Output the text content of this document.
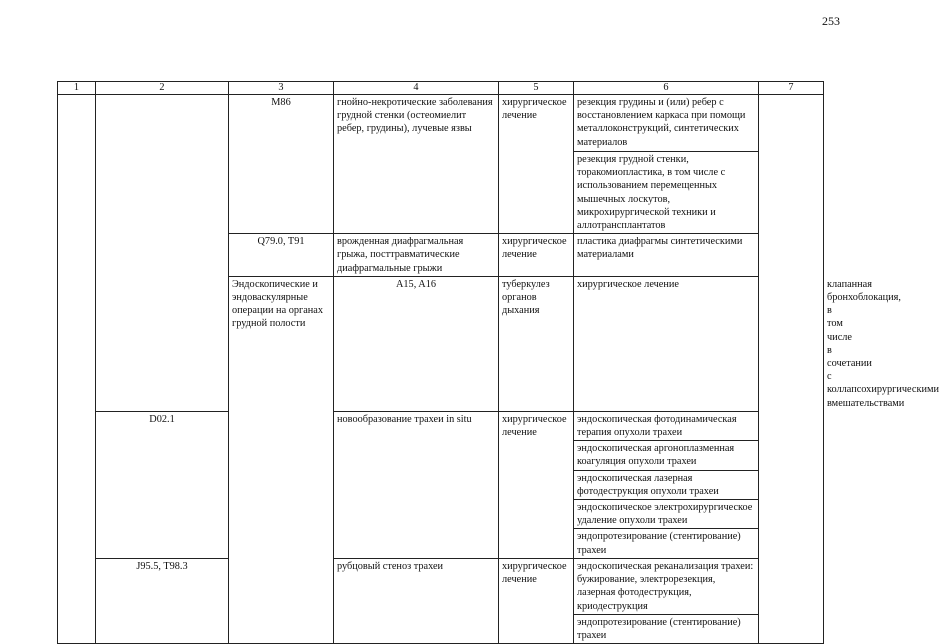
253
1	2	3	4	5	6	7	
		M86	гнойно-некротические заболевания грудной стенки (остеомиелит ребер, грудины), лучевые язвы	хирургическое лечение	резекция грудины и (или) ребер с восстановлением каркаса при помощи металлоконструкций, синтетических материалов		
					резекция грудной стенки, торакомиопластика, в том числе с использованием перемещенных мышечных лоскутов, микрохирургической техники и аллотрансплантатов		
		Q79.0, T91	врожденная диафрагмальная грыжа, посттравматические диафрагмальные грыжи	хирургическое лечение	пластика диафрагмы синтетическими материалами		
		Эндоскопические и эндоваскулярные операции на органах грудной полости	A15, A16	туберкулез органов дыхания	хирургическое лечение		клапанная бронхоблокация, в том числе в сочетании с коллапсохирургическими вмешательствами
	D02.1		новообразование трахеи in situ	хирургическое лечение	эндоскопическая фотодинамическая терапия опухоли трахеи		
					эндоскопическая аргоноплазменная коагуляция опухоли трахеи		
					эндоскопическая лазерная фотодеструкция опухоли трахеи		
					эндоскопическое электрохирургическое удаление опухоли трахеи		
					эндопротезирование (стентирование) трахеи		
	J95.5, T98.3		рубцовый стеноз трахеи	хирургическое лечение	эндоскопическая реканализация трахеи: бужирование, электрорезекция, лазерная фотодеструкция, криодеструкция		
					эндопротезирование (стентирование) трахеи		
